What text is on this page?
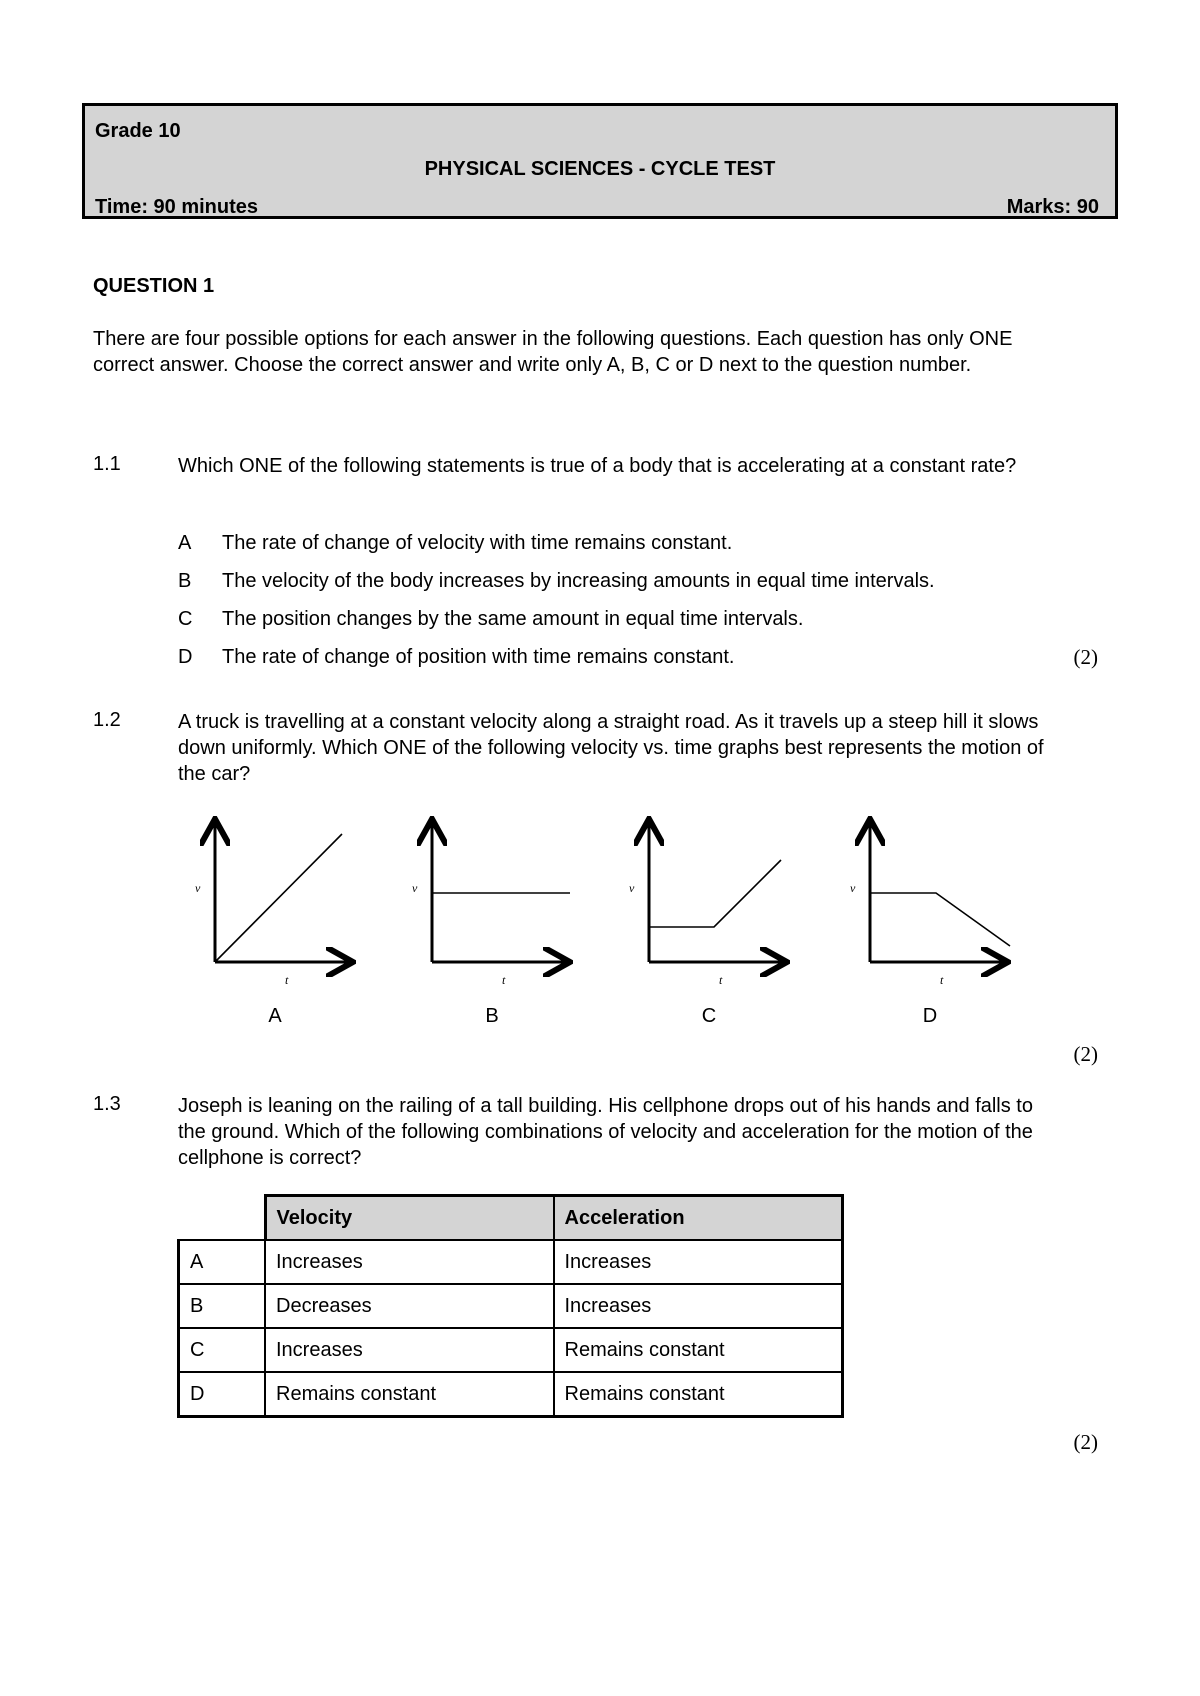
Grade 10
PHYSICAL SCIENCES - CYCLE TEST
Time: 90 minutes	Marks: 90
QUESTION 1
There are four possible options for each answer in the following questions. Each question has only ONE correct answer. Choose the correct answer and write only A, B, C or D next to the question number.
1.1	Which ONE of the following statements is true of a body that is accelerating at a constant rate?
A The rate of change of velocity with time remains constant.
B The velocity of the body increases by increasing amounts in equal time intervals.
C The position changes by the same amount in equal time intervals.
D The rate of change of position with time remains constant.	(2)
1.2	A truck is travelling at a constant velocity along a straight road. As it travels up a steep hill it slows down uniformly. Which ONE of the following velocity vs. time graphs best represents the motion of the car?
v
t
A
v
t
B
v
t
C
v
t
D
(2)
1.3	Joseph is leaning on the railing of a tall building. His cellphone drops out of his hands and falls to the ground. Which of the following combinations of velocity and acceleration for the motion of the cellphone is correct?
	Velocity	Acceleration
A	Increases	Increases
B	Decreases	Increases
C	Increases	Remains constant
D	Remains constant	Remains constant
(2)
